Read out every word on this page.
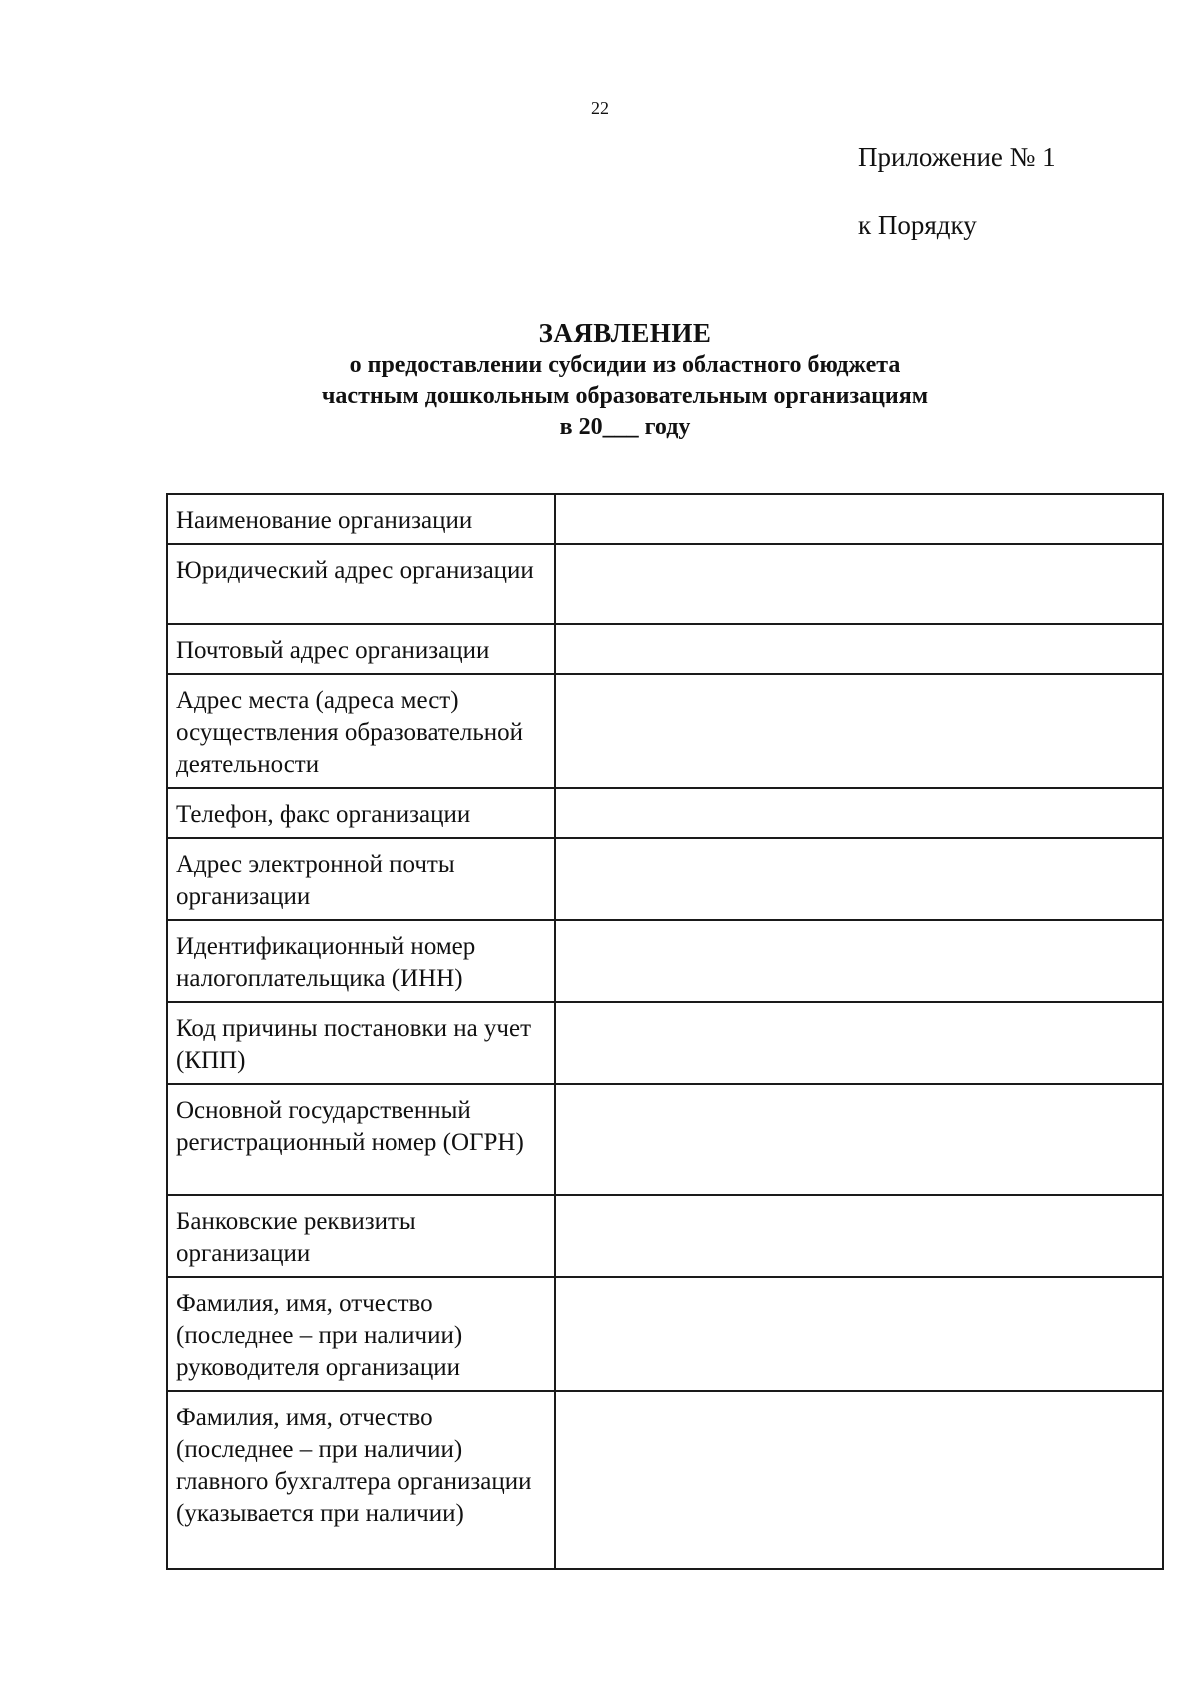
22
Приложение № 1
к Порядку
ЗАЯВЛЕНИЕ
о предоставлении субсидии из областного бюджета
частным дошкольным образовательным организациям
в 20___ году
Наименование организации	
Юридический адрес организации	
Почтовый адрес организации	
Адрес места (адреса мест) осуществления образовательной деятельности	
Телефон, факс организации	
Адрес электронной почты организации	
Идентификационный номер налогоплательщика (ИНН)	
Код причины постановки на учет (КПП)	
Основной государственный регистрационный номер (ОГРН)	
Банковские реквизиты организации	
Фамилия, имя, отчество (последнее – при наличии) руководителя организации	
Фамилия, имя, отчество (последнее – при наличии) главного бухгалтера организации (указывается при наличии)	
